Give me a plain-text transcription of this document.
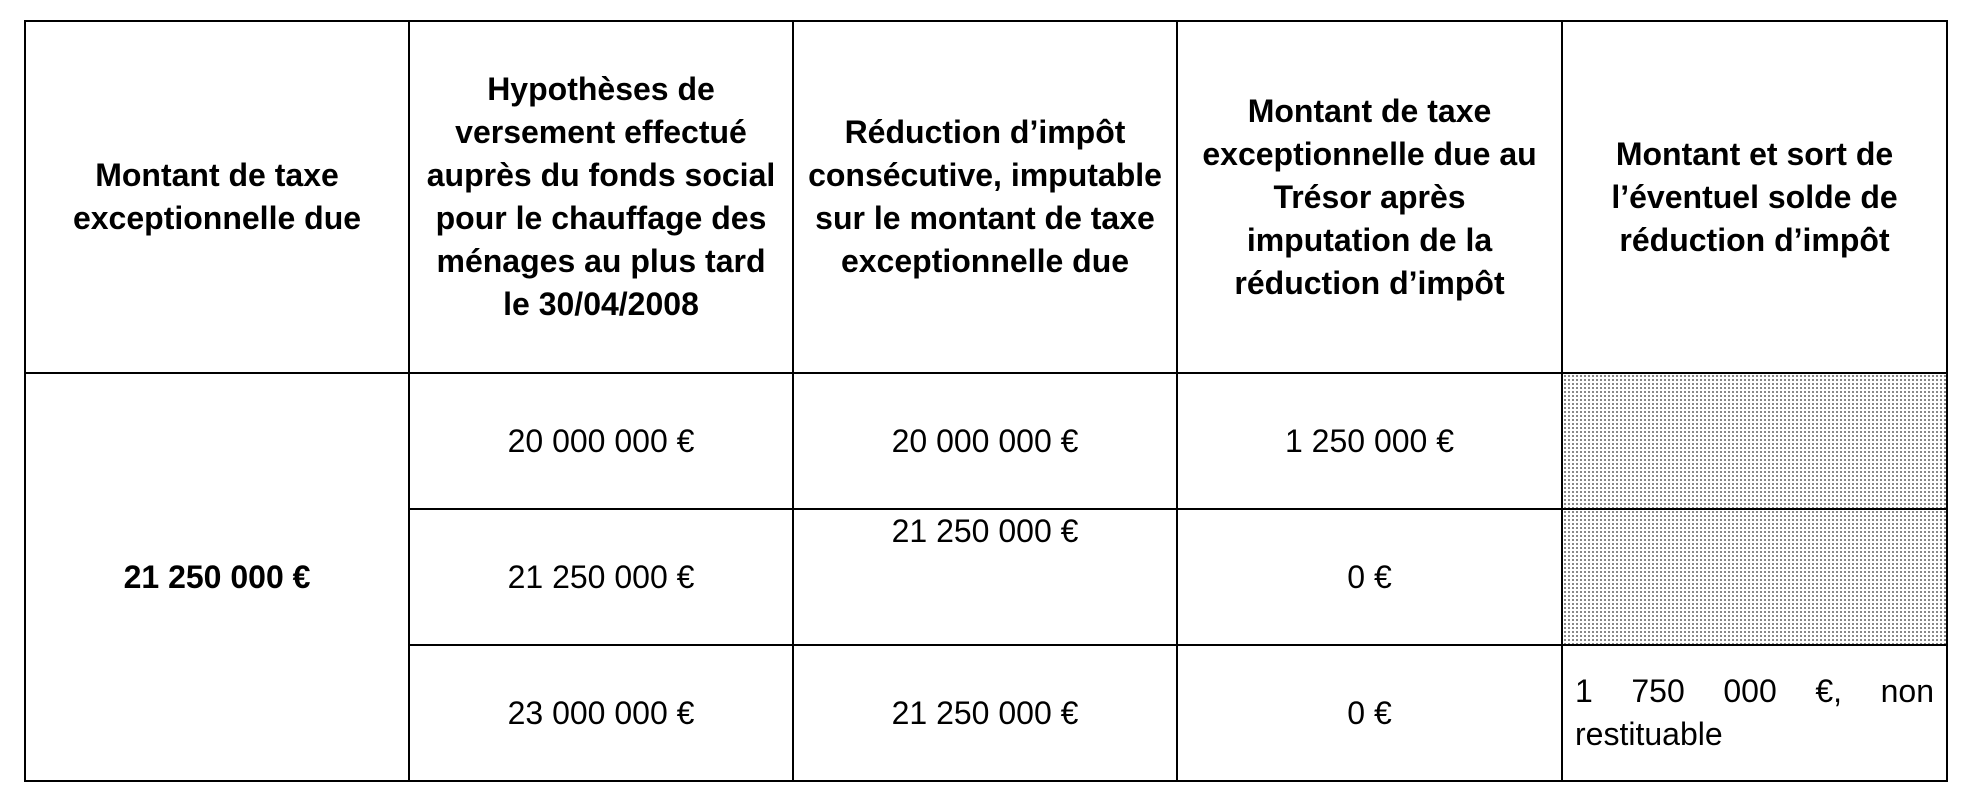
Montant de taxe exceptionnelle due	Hypothèses de versement effectué auprès du fonds social pour le chauffage des ménages au plus tard le 30/04/2008	Réduction d’impôt consécutive, imputable sur le montant de taxe exceptionnelle due	Montant de taxe exceptionnelle due au Trésor après imputation de la réduction d’impôt	Montant et sort de l’éventuel solde de réduction d’impôt
21 250 000 €	20 000 000 €	20 000 000 €	1 250 000 €	
	21 250 000 €	21 250 000 €	0 €	
	23 000 000 €	21 250 000 €	0 €	1 750 000 €, non restituable
